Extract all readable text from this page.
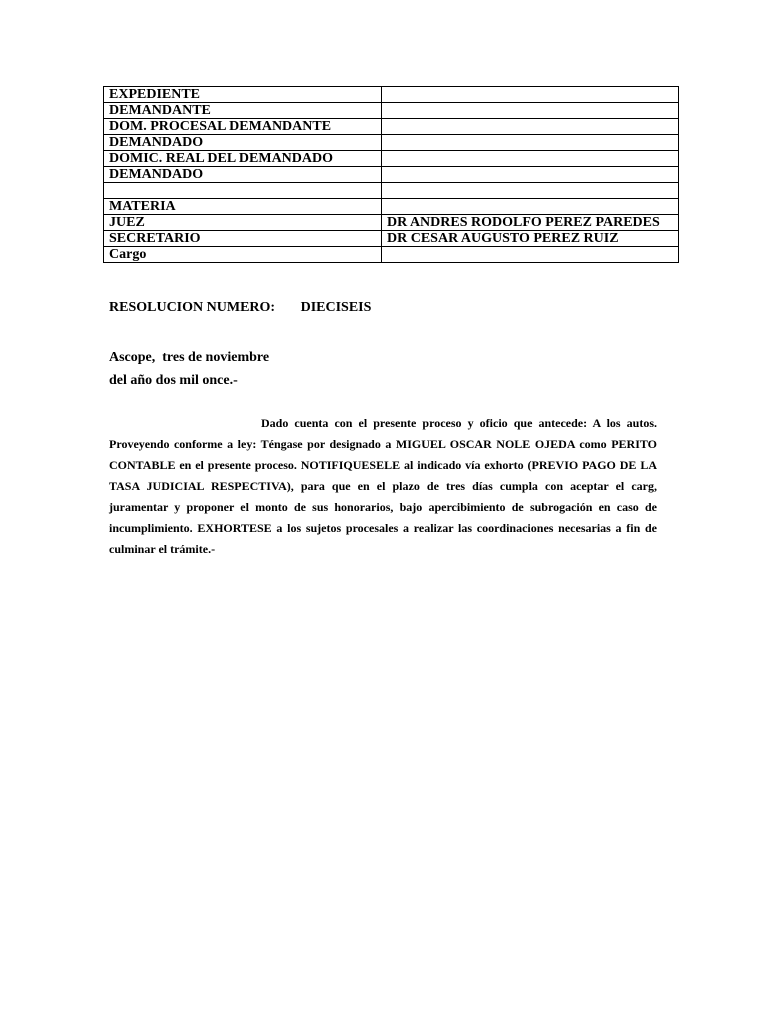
EXPEDIENTE	
DEMANDANTE	
DOM. PROCESAL DEMANDANTE	
DEMANDADO	
DOMIC. REAL DEL DEMANDADO	
DEMANDADO	

MATERIA	
JUEZ	DR ANDRES RODOLFO PEREZ PAREDES
SECRETARIO	DR CESAR AUGUSTO PEREZ RUIZ
Cargo	
RESOLUCION NUMERO: DIECISEIS
Ascope,  tres de noviembre
del año dos mil once.-
Dado cuenta con el presente proceso y oficio que antecede: A los autos. Proveyendo conforme a ley: Téngase por designado a MIGUEL OSCAR NOLE OJEDA como PERITO CONTABLE en el presente proceso. NOTIFIQUESELE al indicado vía exhorto (PREVIO PAGO DE LA TASA JUDICIAL RESPECTIVA), para que en el plazo de tres días cumpla con aceptar el carg, juramentar y proponer el monto de sus honorarios, bajo apercibimiento de subrogación en caso de incumplimiento. EXHORTESE a los sujetos procesales a realizar las coordinaciones necesarias a fin de culminar el trámite.-
